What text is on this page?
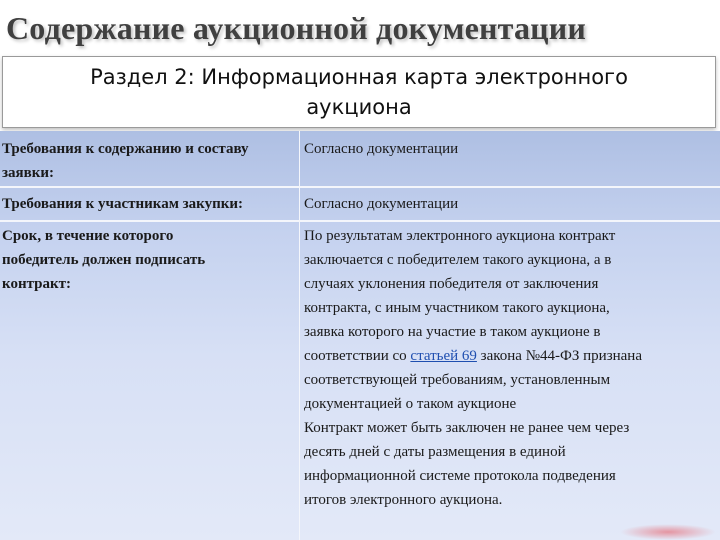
Содержание аукционной документации
Раздел 2: Информационная карта электронного
аукциона
Требования к содержанию и составу
заявки:
Согласно документации
Требования к участникам закупки:	Согласно документации
Срок, в течение которого
победитель должен подписать
контракт:
По результатам электронного аукциона контракт
заключается с победителем такого аукциона, а в
случаях уклонения победителя от заключения
контракта, с иным участником такого аукциона,
заявка которого на участие в таком аукционе в
соответствии со статьей 69 закона №44-ФЗ признана
соответствующей требованиям, установленным
документацией о таком аукционе
Контракт может быть заключен не ранее чем через
десять дней с даты размещения в единой
информационной системе протокола подведения
итогов электронного аукциона.
